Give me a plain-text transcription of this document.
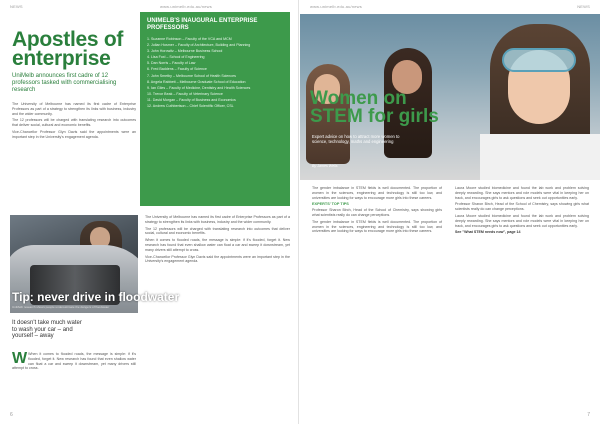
NEWS	www.unimelb.edu.au/news
Apostles of enterprise
UniMelb announces first cadre of 12 professors tasked with commercialising research

The University of Melbourne has named its first cadre of Enterprise Professors as part of a strategy to strengthen its links with business, industry and the wider community.

The 12 professors will be charged with translating research into outcomes that deliver social, cultural and economic benefits.

Vice-Chancellor Professor Glyn Davis said the appointments were an important step in the University's engagement agenda.

UNIMELB'S INAUGURAL ENTERPRISE PROFESSORS
1. Suzanne Robinson – Faculty of the VCA and MCM
2. Julian Hosmer – Faculty of Architecture, Building and Planning
3. John Horowitz – Melbourne Business School
4. Lisa Foxl – School of Engineering
5. Dan Norris – Faculty of Law
6. Fred Baddens – Faculty of Science
7. John Smetby – Melbourne School of Health Sciences
8. Angela Rabbett – Melbourne Graduate School of Education
9. Ian Giles – Faculty of Medicine, Dentistry and Health Sciences
10. Trevor Beak – Faculty of Veterinary Science
11. David Morgan – Faculty of Business and Economics
12. Andrew Cuthbertson – Chief Scientific Officer, CSL
Tip: never drive in floodwater
UniMelb research shows people underestimate the dangers of floodwater
It doesn't take much water to wash your car – and yourself – away
W When it comes to flooded roads, the message is simple: if it's flooded, forget it. New research has found that even shallow water can float a car and sweep it downstream, yet many drivers still attempt to cross.

The University of Melbourne has named its first cadre of Enterprise Professors as part of a strategy to strengthen its links with business, industry and the wider community.

The 12 professors will be charged with translating research into outcomes that deliver social, cultural and economic benefits.

When it comes to flooded roads, the message is simple: if it's flooded, forget it. New research has found that even shallow water can float a car and sweep it downstream, yet many drivers still attempt to cross.

Vice-Chancellor Professor Glyn Davis said the appointments were an important step in the University's engagement agenda.

6
www.unimelb.edu.au/news	NEWS
Women on STEM for girls
Expert advice on how to attract more women to science, technology, maths and engineering
By James Wells

The gender imbalance in STEM fields is well documented. The proportion of women in the sciences, engineering and technology is still too low, and universities are looking for ways to encourage more girls into these careers.

EXPERTS' TOP TIPS

Professor Sharon Birch, Head of the School of Chemistry, says showing girls what scientists really do can change perceptions.

The gender imbalance in STEM fields is well documented. The proportion of women in the sciences, engineering and technology is still too low, and universities are looking for ways to encourage more girls into these careers.

Laura Moore studied biomedicine and found the lab work and problem solving deeply rewarding. She says mentors and role models were vital in keeping her on track, and encourages girls to ask questions and seek out opportunities early.

Professor Sharon Birch, Head of the School of Chemistry, says showing girls what scientists really do can change perceptions.

Laura Moore studied biomedicine and found the lab work and problem solving deeply rewarding. She says mentors and role models were vital in keeping her on track, and encourages girls to ask questions and seek out opportunities early.

See "What STEM needs now", page 14

7
